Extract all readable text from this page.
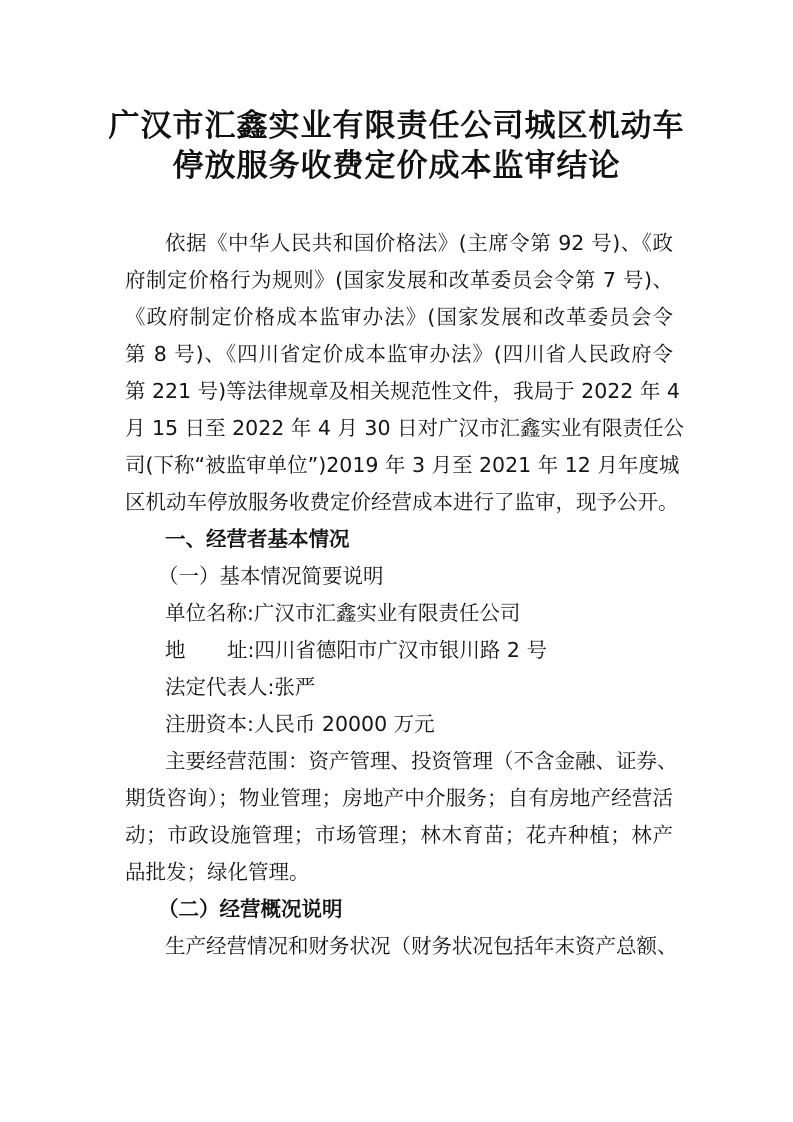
广汉市汇鑫实业有限责任公司城区机动车
停放服务收费定价成本监审结论
依据《中华人民共和国价格法》(主席令第 92 号)、《政
府制定价格行为规则》(国家发展和改革委员会令第 7 号)、
《政府制定价格成本监审办法》(国家发展和改革委员会令
第 8 号)、《四川省定价成本监审办法》(四川省人民政府令
第 221 号)等法律规章及相关规范性文件，我局于 2022 年 4
月 15 日至 2022 年 4 月 30 日对广汉市汇鑫实业有限责任公
司(下称“被监审单位”)2019 年 3 月至 2021 年 12 月年度城
区机动车停放服务收费定价经营成本进行了监审，现予公开。
一、经营者基本情况
（一）基本情况简要说明
单位名称:广汉市汇鑫实业有限责任公司
地 址:四川省德阳市广汉市银川路 2 号
法定代表人:张严
注册资本:人民币 20000 万元
主要经营范围：资产管理、投资管理（不含金融、证券、
期货咨询）；物业管理；房地产中介服务；自有房地产经营活
动；市政设施管理；市场管理；林木育苗；花卉种植；林产
品批发；绿化管理。
（二）经营概况说明
生产经营情况和财务状况（财务状况包括年末资产总额、
